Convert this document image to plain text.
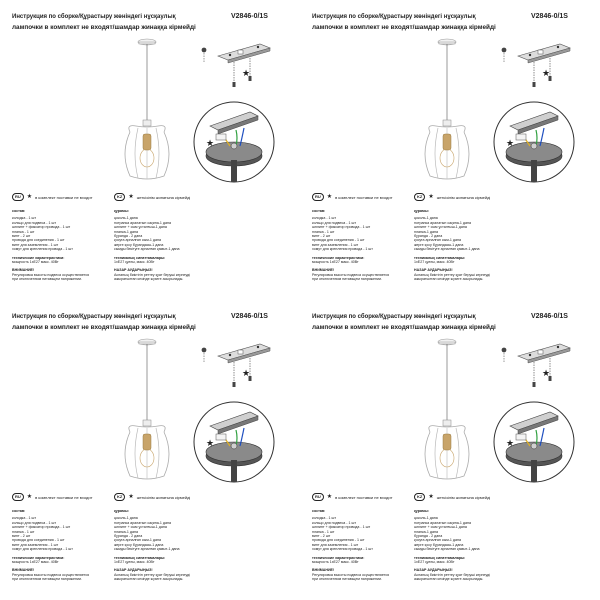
Инструкция по сборке/Құрастыру жөніндегі нұсқаулық	V2846-0/1S
лампочки в комплект не входят/шамдар жинаққа кірмейді
★
★
RU	★ в комплект поставки не входит	KZ	★ жеткізілім жинағына кірмейді
состав:
колодка - 1 шт
кольцо для подвеса - 1 шт
шплинт + фиксатор провода - 1 шт
планка - 1 шт
винт - 2 шт
провода для соединения - 1 шт
винт для заземления - 1 шт
хомут для крепления провода - 1 шт
технические характеристики:
мощность 1xE27 макс. 40Вт
ВНИМАНИЕ!
Регулировка высоты подвеса осуществляется
при отключенном питающем напряжении.
құрамы:
цоколь-1 дана
потрапка аралатын сақина-1 дана
шплинт + сым ұсталғыш-1 дана
планка-1 дана
бұранда - 2 дана
қосуға арналған сым-1 дана
жерге қосу бұрандасы-1 дана
сымды бекітуге арналған қамыт-1 дана
техникалық сипаттамалары:
1xE27 қуаты, макс. 40Вт
НАЗАР АУДАРЫҢЫЗ!
Аспаның биіктігін реттеу қуат беруші кернеуді
ажыратылған кезінде жүзеге асырылады.
Инструкция по сборке/Құрастыру жөніндегі нұсқаулық	V2846-0/1S
лампочки в комплект не входят/шамдар жинаққа кірмейді
★
★
RU	★ в комплект поставки не входит	KZ	★ жеткізілім жинағына кірмейді
состав:
колодка - 1 шт
кольцо для подвеса - 1 шт
шплинт + фиксатор провода - 1 шт
планка - 1 шт
винт - 2 шт
провода для соединения - 1 шт
винт для заземления - 1 шт
хомут для крепления провода - 1 шт
технические характеристики:
мощность 1xE27 макс. 40Вт
ВНИМАНИЕ!
Регулировка высоты подвеса осуществляется
при отключенном питающем напряжении.
құрамы:
цоколь-1 дана
потрапка аралатын сақина-1 дана
шплинт + сым ұсталғыш-1 дана
планка-1 дана
бұранда - 2 дана
қосуға арналған сым-1 дана
жерге қосу бұрандасы-1 дана
сымды бекітуге арналған қамыт-1 дана
техникалық сипаттамалары:
1xE27 қуаты, макс. 40Вт
НАЗАР АУДАРЫҢЫЗ!
Аспаның биіктігін реттеу қуат беруші кернеуді
ажыратылған кезінде жүзеге асырылады.
Инструкция по сборке/Құрастыру жөніндегі нұсқаулық	V2846-0/1S
лампочки в комплект не входят/шамдар жинаққа кірмейді
★
★
RU	★ в комплект поставки не входит	KZ	★ жеткізілім жинағына кірмейді
состав:
колодка - 1 шт
кольцо для подвеса - 1 шт
шплинт + фиксатор провода - 1 шт
планка - 1 шт
винт - 2 шт
провода для соединения - 1 шт
винт для заземления - 1 шт
хомут для крепления провода - 1 шт
технические характеристики:
мощность 1xE27 макс. 40Вт
ВНИМАНИЕ!
Регулировка высоты подвеса осуществляется
при отключенном питающем напряжении.
құрамы:
цоколь-1 дана
потрапка аралатын сақина-1 дана
шплинт + сым ұсталғыш-1 дана
планка-1 дана
бұранда - 2 дана
қосуға арналған сым-1 дана
жерге қосу бұрандасы-1 дана
сымды бекітуге арналған қамыт-1 дана
техникалық сипаттамалары:
1xE27 қуаты, макс. 40Вт
НАЗАР АУДАРЫҢЫЗ!
Аспаның биіктігін реттеу қуат беруші кернеуді
ажыратылған кезінде жүзеге асырылады.
Инструкция по сборке/Құрастыру жөніндегі нұсқаулық	V2846-0/1S
лампочки в комплект не входят/шамдар жинаққа кірмейді
★
★
RU	★ в комплект поставки не входит	KZ	★ жеткізілім жинағына кірмейді
состав:
колодка - 1 шт
кольцо для подвеса - 1 шт
шплинт + фиксатор провода - 1 шт
планка - 1 шт
винт - 2 шт
провода для соединения - 1 шт
винт для заземления - 1 шт
хомут для крепления провода - 1 шт
технические характеристики:
мощность 1xE27 макс. 40Вт
ВНИМАНИЕ!
Регулировка высоты подвеса осуществляется
при отключенном питающем напряжении.
құрамы:
цоколь-1 дана
потрапка аралатын сақина-1 дана
шплинт + сым ұсталғыш-1 дана
планка-1 дана
бұранда - 2 дана
қосуға арналған сым-1 дана
жерге қосу бұрандасы-1 дана
сымды бекітуге арналған қамыт-1 дана
техникалық сипаттамалары:
1xE27 қуаты, макс. 40Вт
НАЗАР АУДАРЫҢЫЗ!
Аспаның биіктігін реттеу қуат беруші кернеуді
ажыратылған кезінде жүзеге асырылады.
